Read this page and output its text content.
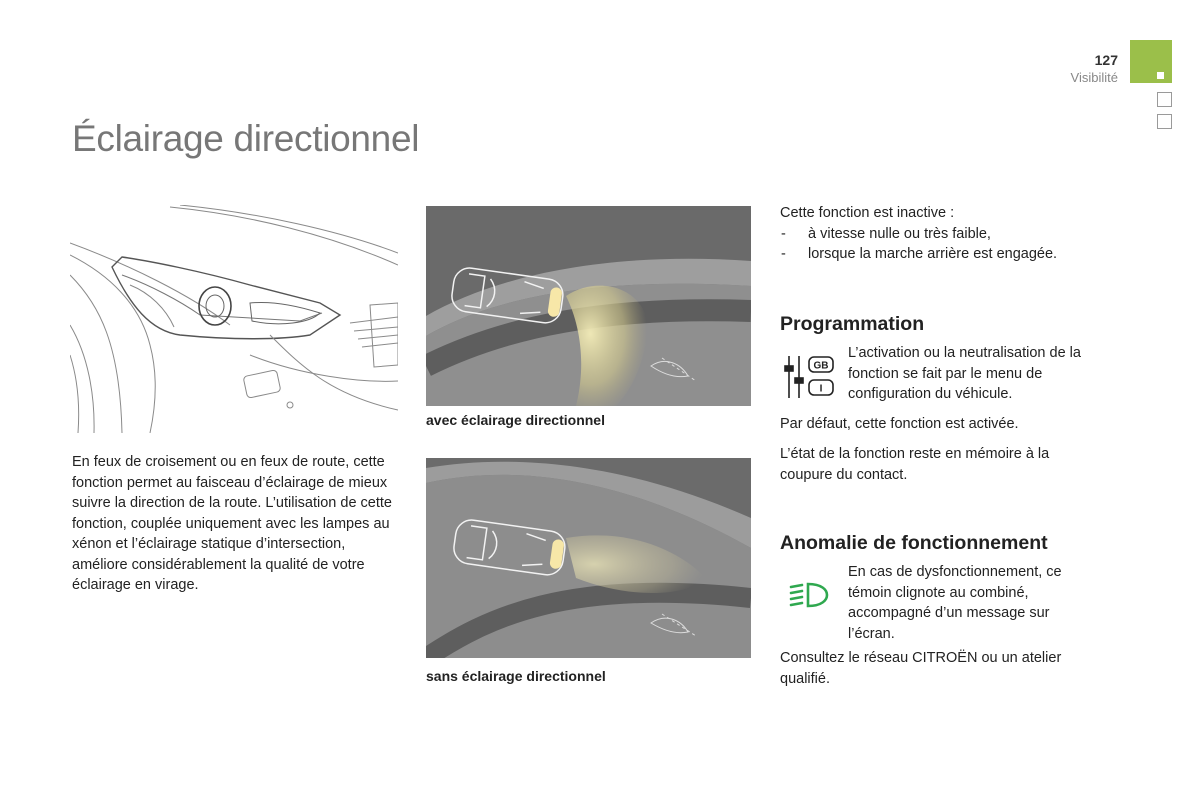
127
Visibilité
Éclairage directionnel
En feux de croisement ou en feux de route, cette fonction permet au faisceau d’éclairage de mieux suivre la direction de la route. L’utilisation de cette fonction, couplée uniquement avec les lampes au xénon et l’éclairage statique d’intersection, améliore considérablement la qualité de votre éclairage en virage.
avec éclairage directionnel
sans éclairage directionnel
Cette fonction est inactive :
- à vitesse nulle ou très faible,
- lorsque la marche arrière est engagée.
Programmation
GB
I
L’activation ou la neutralisation de la fonction se fait par le menu de configuration du véhicule.
Par défaut, cette fonction est activée.
L’état de la fonction reste en mémoire à la coupure du contact.
Anomalie de fonctionnement
En cas de dysfonctionnement, ce témoin clignote au combiné, accompagné d’un message sur l’écran.
Consultez le réseau CITROËN ou un atelier qualifié.
